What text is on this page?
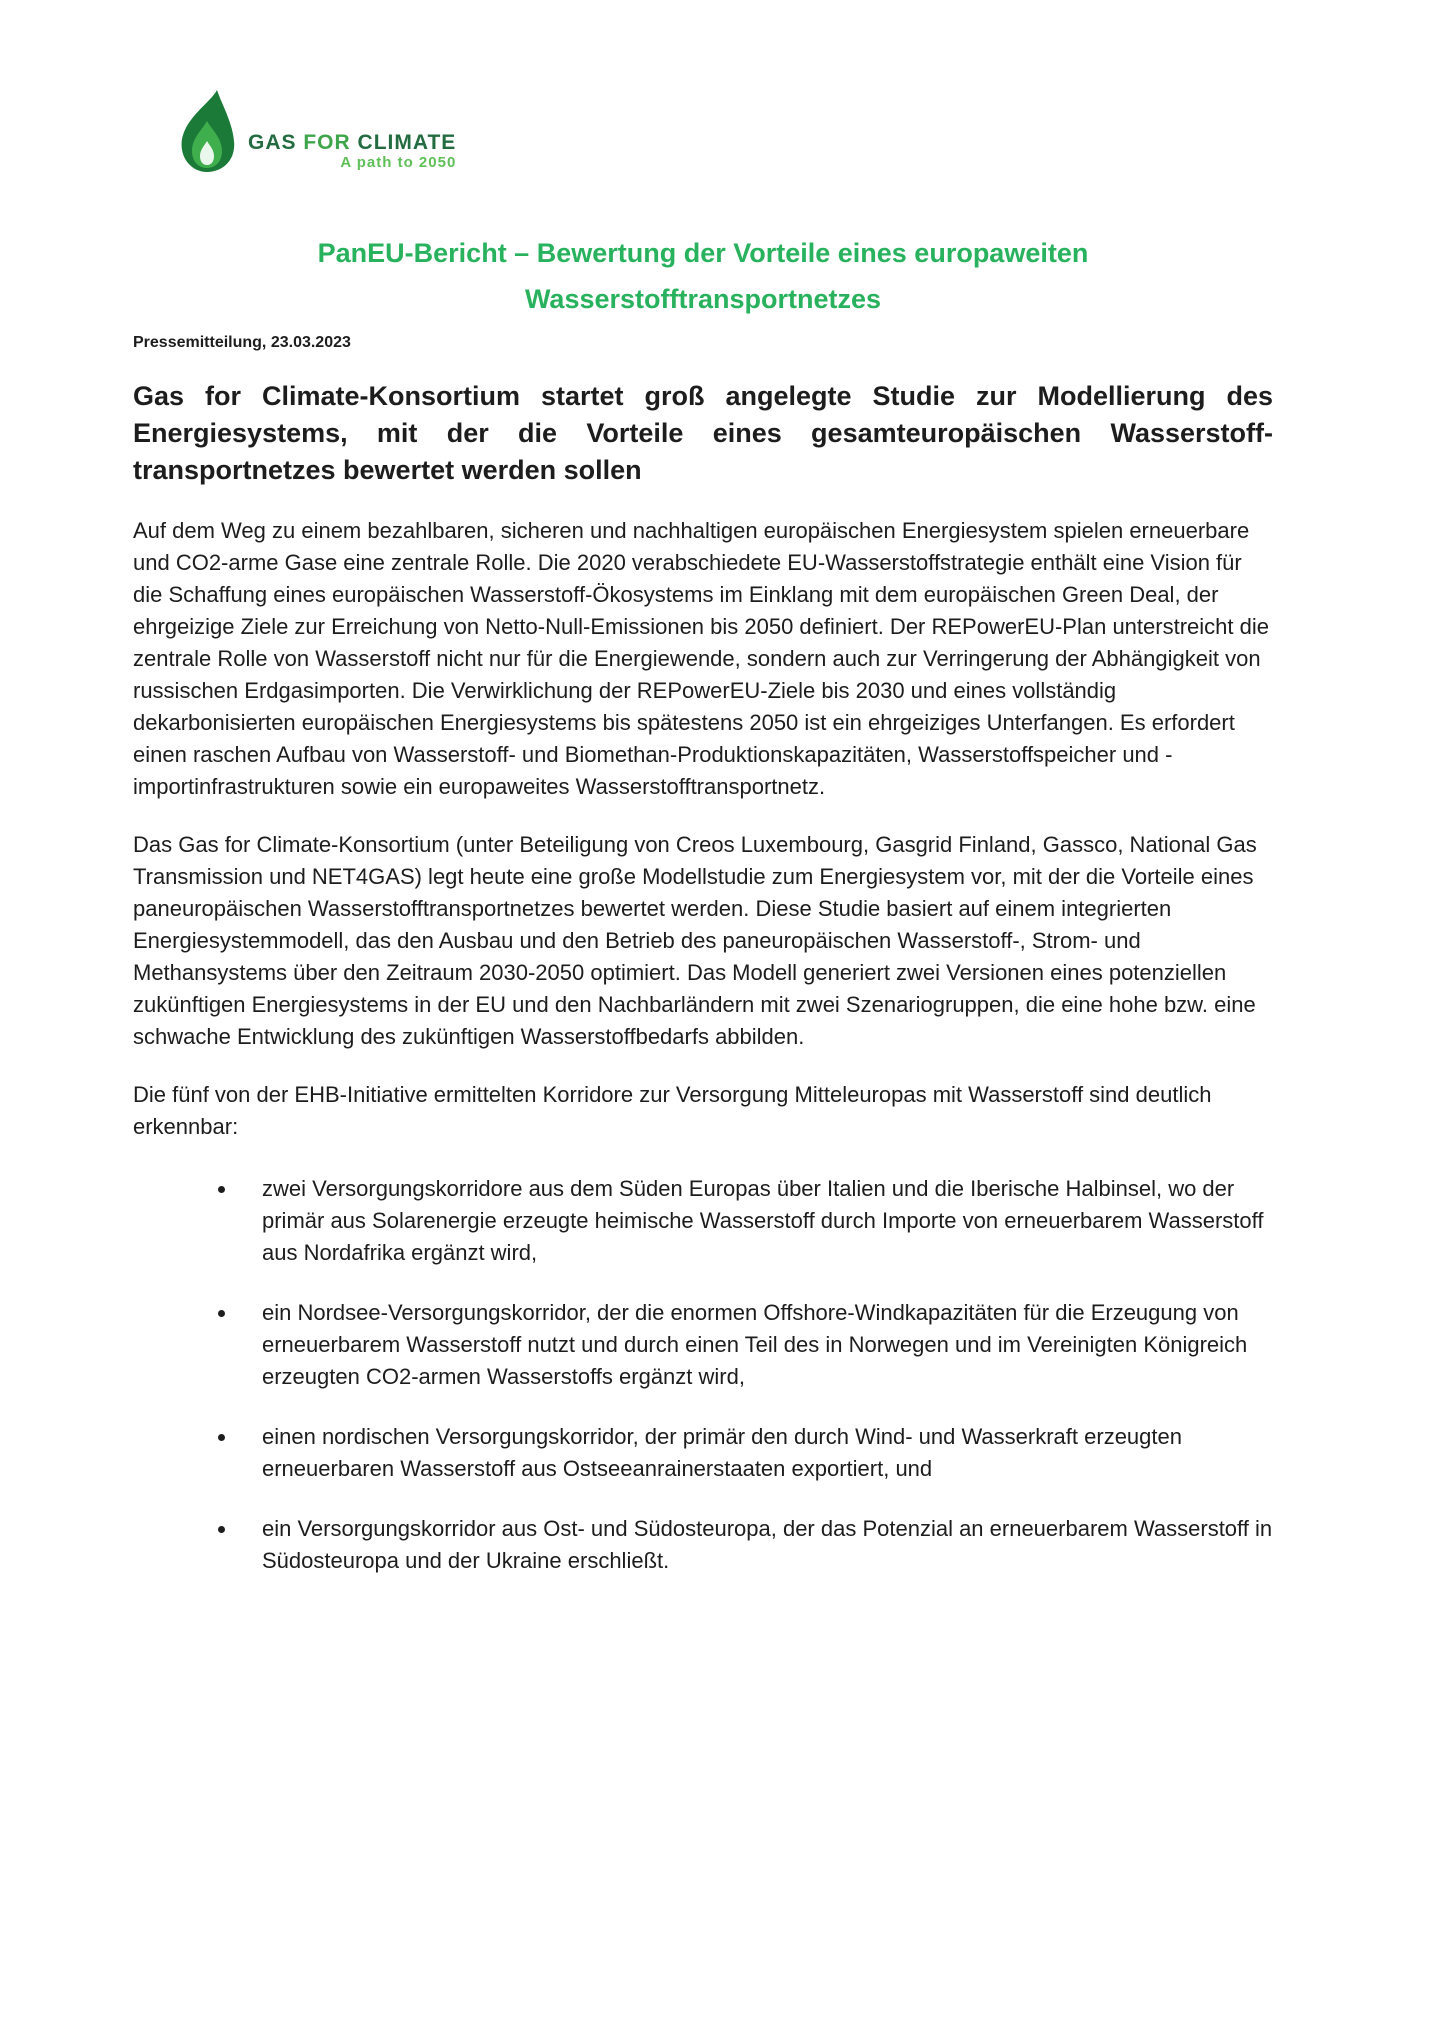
GAS FOR CLIMATE
A path to 2050
PanEU-Bericht – Bewertung der Vorteile eines europaweiten
Wasserstofftransportnetzes
Pressemitteilung, 23.03.2023
Gas for Climate-Konsortium startet groß angelegte Studie zur Modellierung des
Energiesystems, mit der die Vorteile eines gesamteuropäischen Wasserstoff-
transportnetzes bewertet werden sollen

Auf dem Weg zu einem bezahlbaren, sicheren und nachhaltigen europäischen Energiesystem spielen erneuerbare und CO2-arme Gase eine zentrale Rolle. Die 2020 verabschiedete EU-Wasserstoffstrategie enthält eine Vision für die Schaffung eines europäischen Wasserstoff-Ökosystems im Einklang mit dem europäischen Green Deal, der ehrgeizige Ziele zur Erreichung von Netto-Null-Emissionen bis 2050 definiert. Der REPowerEU-Plan unterstreicht die zentrale Rolle von Wasserstoff nicht nur für die Energiewende, sondern auch zur Verringerung der Abhängigkeit von russischen Erdgasimporten. Die Verwirklichung der REPowerEU-Ziele bis 2030 und eines vollständig dekarbonisierten europäischen Energiesystems bis spätestens 2050 ist ein ehrgeiziges Unterfangen. Es erfordert einen raschen Aufbau von Wasserstoff- und Biomethan-Produktionskapazitäten, Wasserstoffspeicher und -importinfrastrukturen sowie ein europaweites Wasserstofftransportnetz.

Das Gas for Climate-Konsortium (unter Beteiligung von Creos Luxembourg, Gasgrid Finland, Gassco, National Gas Transmission und NET4GAS) legt heute eine große Modellstudie zum Energiesystem vor, mit der die Vorteile eines paneuropäischen Wasserstofftransportnetzes bewertet werden. Diese Studie basiert auf einem integrierten Energiesystemmodell, das den Ausbau und den Betrieb des paneuropäischen Wasserstoff-, Strom- und Methansystems über den Zeitraum 2030-2050 optimiert. Das Modell generiert zwei Versionen eines potenziellen zukünftigen Energiesystems in der EU und den Nachbarländern mit zwei Szenariogruppen, die eine hohe bzw. eine schwache Entwicklung des zukünftigen Wasserstoffbedarfs abbilden.

Die fünf von der EHB-Initiative ermittelten Korridore zur Versorgung Mitteleuropas mit Wasserstoff sind deutlich erkennbar:

zwei Versorgungskorridore aus dem Süden Europas über Italien und die Iberische Halbinsel, wo der primär aus Solarenergie erzeugte heimische Wasserstoff durch Importe von erneuerbarem Wasserstoff aus Nordafrika ergänzt wird,
ein Nordsee-Versorgungskorridor, der die enormen Offshore-Windkapazitäten für die Erzeugung von erneuerbarem Wasserstoff nutzt und durch einen Teil des in Norwegen und im Vereinigten Königreich erzeugten CO2-armen Wasserstoffs ergänzt wird,
einen nordischen Versorgungskorridor, der primär den durch Wind- und Wasserkraft erzeugten erneuerbaren Wasserstoff aus Ostseeanrainerstaaten exportiert, und
ein Versorgungskorridor aus Ost- und Südosteuropa, der das Potenzial an erneuerbarem Wasserstoff in Südosteuropa und der Ukraine erschließt.
